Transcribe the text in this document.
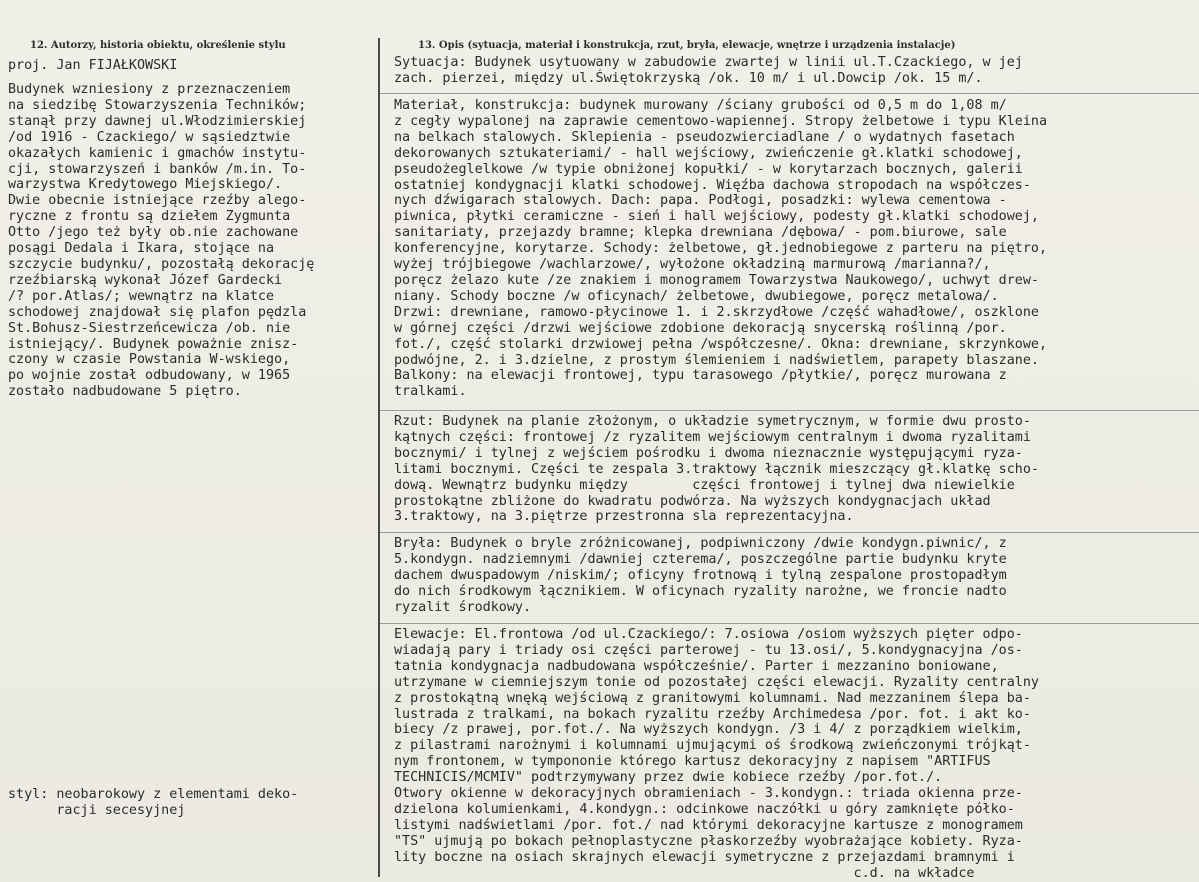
12. Autorzy, historia obiektu, określenie stylu	13. Opis (sytuacja, materiał i konstrukcja, rzut, bryła, elewacje, wnętrze i urządzenia instalacje)
proj. Jan FIJAŁKOWSKI
Budynek wzniesiony z przeznaczeniem
na siedzibę Stowarzyszenia Techników;
stanął przy dawnej ul.Włodzimierskiej
/od 1916 - Czackiego/ w sąsiedztwie
okazałych kamienic i gmachów instytu-
cji, stowarzyszeń i banków /m.in. To-
warzystwa Kredytowego Miejskiego/.
Dwie obecnie istniejące rzeźby alego-
ryczne z frontu są dziełem Zygmunta
Otto /jego też były ob.nie zachowane
posągi Dedala i Ikara, stojące na
szczycie budynku/, pozostałą dekorację
rzeźbiarską wykonał Józef Gardecki
/? por.Atlas/; wewnątrz na klatce
schodowej znajdował się plafon pędzla
St.Bohusz-Siestrzeńcewicza /ob. nie
istniejący/. Budynek poważnie znisz-
czony w czasie Powstania W-wskiego,
po wojnie został odbudowany, w 1965
zostało nadbudowane 5 piętro.
styl: neobarokowy z elementami deko-
racji secesyjnej
Sytuacja: Budynek usytuowany w zabudowie zwartej w linii ul.T.Czackiego, w jej
zach. pierzei, między ul.Świętokrzyską /ok. 10 m/ i ul.Dowcip /ok. 15 m/.
Materiał, konstrukcja: budynek murowany /ściany grubości od 0,5 m do 1,08 m/
z cegły wypalonej na zaprawie cementowo-wapiennej. Stropy żelbetowe i typu Kleina
na belkach stalowych. Sklepienia - pseudozwierciadlane / o wydatnych fasetach
dekorowanych sztukateriami/ - hall wejściowy, zwieńczenie gł.klatki schodowej,
pseudożeglelkowe /w typie obniżonej kopułki/ - w korytarzach bocznych, galerii
ostatniej kondygnacji klatki schodowej. Więźba dachowa stropodach na współczes-
nych dźwigarach stalowych. Dach: papa. Podłogi, posadzki: wylewa cementowa -
piwnica, płytki ceramiczne - sień i hall wejściowy, podesty gł.klatki schodowej,
sanitariaty, przejazdy bramne; klepka drewniana /dębowa/ - pom.biurowe, sale
konferencyjne, korytarze. Schody: żelbetowe, gł.jednobiegowe z parteru na piętro,
wyżej trójbiegowe /wachlarzowe/, wyłożone okładziną marmurową /marianna?/,
poręcz żelazo kute /ze znakiem i monogramem Towarzystwa Naukowego/, uchwyt drew-
niany. Schody boczne /w oficynach/ żelbetowe, dwubiegowe, poręcz metalowa/.
Drzwi: drewniane, ramowo-płycinowe 1. i 2.skrzydłowe /część wahadłowe/, oszklone
w górnej części /drzwi wejściowe zdobione dekoracją snycerską roślinną /por.
fot./, część stolarki drzwiowej pełna /współczesne/. Okna: drewniane, skrzynkowe,
podwójne, 2. i 3.dzielne, z prostym ślemieniem i nadświetlem, parapety blaszane.
Balkony: na elewacji frontowej, typu tarasowego /płytkie/, poręcz murowana z
tralkami.
Rzut: Budynek na planie złożonym, o układzie symetrycznym, w formie dwu prosto-
kątnych części: frontowej /z ryzalitem wejściowym centralnym i dwoma ryzalitami
bocznymi/ i tylnej z wejściem pośrodku i dwoma nieznacznie występującymi ryza-
litami bocznymi. Części te zespala 3.traktowy łącznik mieszczący gł.klatkę scho-
dową. Wewnątrz budynku między        części frontowej i tylnej dwa niewielkie
prostokątne zbliżone do kwadratu podwórza. Na wyższych kondygnacjach układ
3.traktowy, na 3.piętrze przestronna sla reprezentacyjna.
Bryła: Budynek o bryle zróżnicowanej, podpiwniczony /dwie kondygn.piwnic/, z
5.kondygn. nadziemnymi /dawniej czterema/, poszczególne partie budynku kryte
dachem dwuspadowym /niskim/; oficyny frotnową i tylną zespalone prostopadłym
do nich środkowym łącznikiem. W oficynach ryzality narożne, we froncie nadto
ryzalit środkowy.
Elewacje: El.frontowa /od ul.Czackiego/: 7.osiowa /osiom wyższych pięter odpo-
wiadają pary i triady osi części parterowej - tu 13.osi/, 5.kondygnacyjna /os-
tatnia kondygnacja nadbudowana współcześnie/. Parter i mezzanino boniowane,
utrzymane w ciemniejszym tonie od pozostałej części elewacji. Ryzality centralny
z prostokątną wnęką wejściową z granitowymi kolumnami. Nad mezzaninem ślepa ba-
lustrada z tralkami, na bokach ryzalitu rzeźby Archimedesa /por. fot. i akt ko-
biecy /z prawej, por.fot./. Na wyższych kondygn. /3 i 4/ z porządkiem wielkim,
z pilastrami narożnymi i kolumnami ujmującymi oś środkową zwieńczonymi trójkąt-
nym frontonem, w tympononie którego kartusz dekoracyjny z napisem "ARTIFUS
TECHNICIS/MCMIV" podtrzymywany przez dwie kobiece rzeźby /por.fot./.
Otwory okienne w dekoracyjnych obramieniach - 3.kondygn.: triada okienna prze-
dzielona kolumienkami, 4.kondygn.: odcinkowe naczółki u góry zamknięte półko-
listymi nadświetlami /por. fot./ nad którymi dekoracyjne kartusze z monogramem
"TS" ujmują po bokach pełnoplastyczne płaskorzeźby wyobrażające kobiety. Ryza-
lity boczne na osiach skrajnych elewacji symetryczne z przejazdami bramnymi i
c.d. na wkładce
